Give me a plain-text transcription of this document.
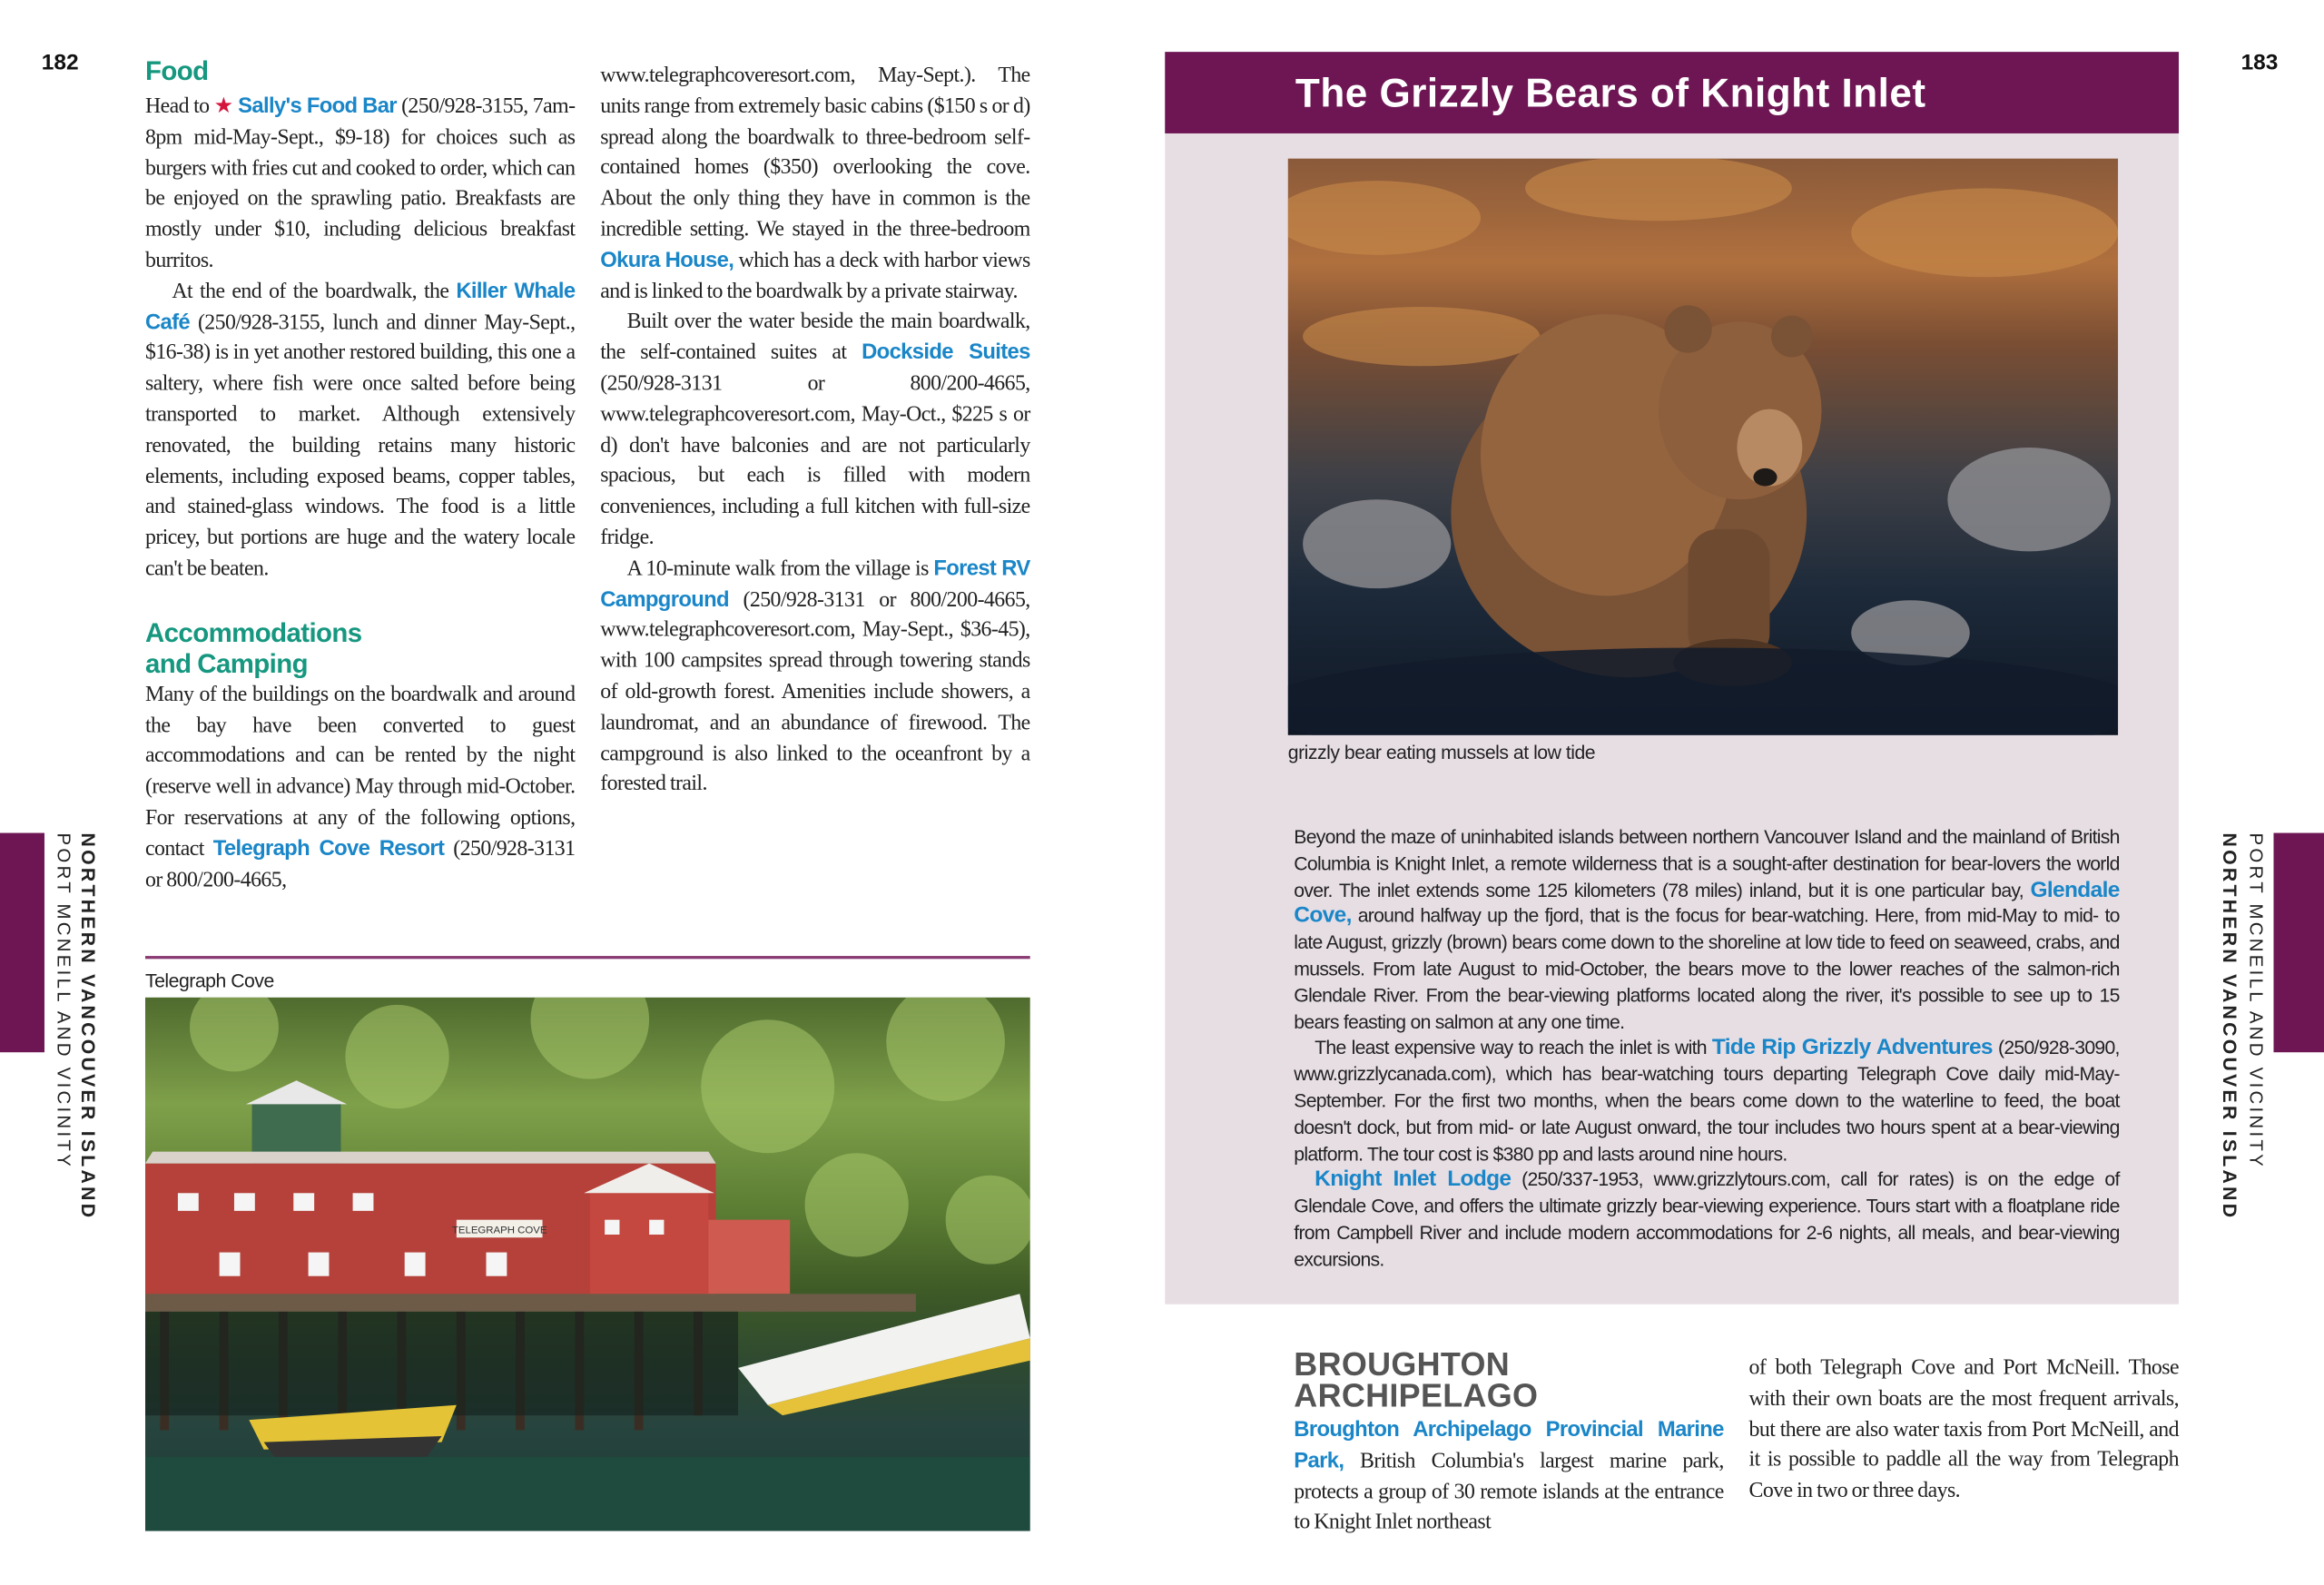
182	Food

Head to ★ Sally's Food Bar (250/928-3155, 7am-8pm mid-May-Sept., $9-18) for choices such as burgers with fries cut and cooked to order, which can be enjoyed on the sprawling patio. Breakfasts are mostly under $10, including delicious breakfast burritos.

At the end of the boardwalk, the Killer Whale Café (250/928-3155, lunch and dinner May-Sept., $16-38) is in yet another restored building, this one a saltery, where fish were once salted before being transported to market. Although extensively renovated, the building retains many historic elements, including exposed beams, copper tables, and stained-glass windows. The food is a little pricey, but portions are huge and the watery locale can't be beaten.

Accommodations
and Camping

Many of the buildings on the boardwalk and around the bay have been converted to guest accommodations and can be rented by the night (reserve well in advance) May through mid-October. For reservations at any of the following options, contact Telegraph Cove Resort (250/928-3131 or 800/200-4665,

www.telegraphcoveresort.com, May-Sept.). The units range from extremely basic cabins ($150 s or d) spread along the boardwalk to three-bedroom self-contained homes ($350) overlooking the cove. About the only thing they have in common is the incredible setting. We stayed in the three-bedroom Okura House, which has a deck with harbor views and is linked to the boardwalk by a private stairway.

Built over the water beside the main boardwalk, the self-contained suites at Dockside Suites (250/928-3131 or 800/200-4665, www.telegraphcoveresort.com, May-Oct., $225 s or d) don't have balconies and are not particularly spacious, but each is filled with modern conveniences, including a full kitchen with full-size fridge.

A 10-minute walk from the village is Forest RV Campground (250/928-3131 or 800/200-4665, www.telegraphcoveresort.com, May-Sept., $36-45), with 100 campsites spread through towering stands of old-growth forest. Amenities include showers, a laundromat, and an abundance of firewood. The campground is also linked to the oceanfront by a forested trail.

Telegraph Cove
TELEGRAPH COVE
NORTHERN VANCOUVER ISLAND
PORT MCNEILL AND VICINITY
183
The Grizzly Bears of Knight Inlet
grizzly bear eating mussels at low tide

Beyond the maze of uninhabited islands between northern Vancouver Island and the mainland of British Columbia is Knight Inlet, a remote wilderness that is a sought-after destination for bear-lovers the world over. The inlet extends some 125 kilometers (78 miles) inland, but it is one particular bay, Glendale Cove, around halfway up the fjord, that is the focus for bear-watching. Here, from mid-May to mid- to late August, grizzly (brown) bears come down to the shoreline at low tide to feed on seaweed, crabs, and mussels. From late August to mid-October, the bears move to the lower reaches of the salmon-rich Glendale River. From the bear-viewing platforms located along the river, it's possible to see up to 15 bears feasting on salmon at any one time.

The least expensive way to reach the inlet is with Tide Rip Grizzly Adventures (250/928-3090, www.grizzlycanada.com), which has bear-watching tours departing Telegraph Cove daily mid-May-September. For the first two months, when the bears come down to the waterline to feed, the boat doesn't dock, but from mid- or late August onward, the tour includes two hours spent at a bear-viewing platform. The tour cost is $380 pp and lasts around nine hours.

Knight Inlet Lodge (250/337-1953, www.grizzlytours.com, call for rates) is on the edge of Glendale Cove, and offers the ultimate grizzly bear-viewing experience. Tours start with a floatplane ride from Campbell River and include modern accommodations for 2-6 nights, all meals, and bear-viewing excursions.

BROUGHTON
ARCHIPELAGO

Broughton Archipelago Provincial Marine Park, British Columbia's largest marine park, protects a group of 30 remote islands at the entrance to Knight Inlet northeast

of both Telegraph Cove and Port McNeill. Those with their own boats are the most frequent arrivals, but there are also water taxis from Port McNeill, and it is possible to paddle all the way from Telegraph Cove in two or three days.

PORT MCNEILL AND VICINITY
NORTHERN VANCOUVER ISLAND
